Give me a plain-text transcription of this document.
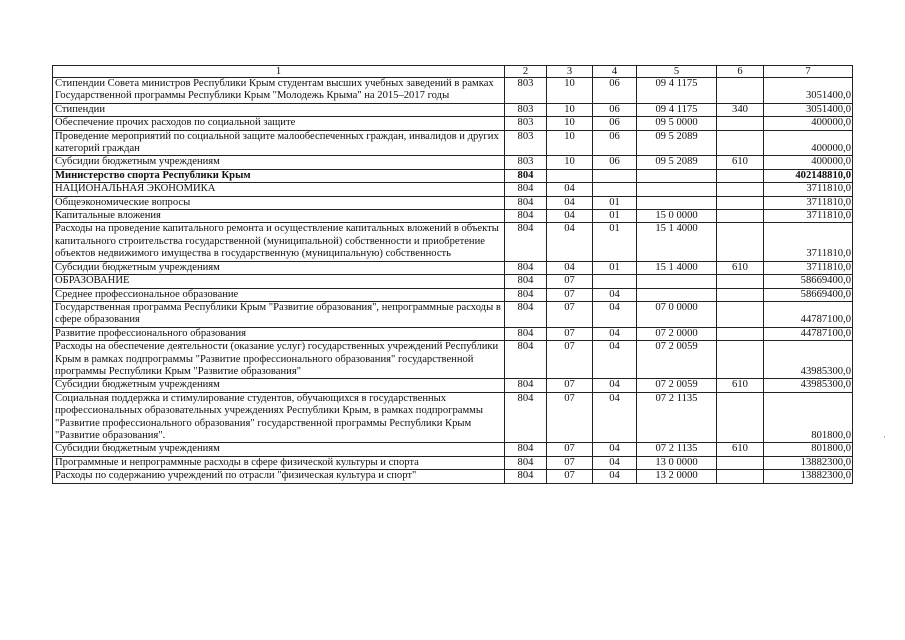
1	2	3	4	5	6	7
Стипендии Совета министров Республики Крым студентам высших учебных заведений в рамках Государственной программы Республики Крым "Молодежь Крыма" на 2015–2017 годы	803	10	06	09 4 1175		3051400,0
Стипендии	803	10	06	09 4 1175	340	3051400,0
Обеспечение прочих расходов по социальной защите	803	10	06	09 5 0000		400000,0
Проведение мероприятий по социальной защите малообеспеченных граждан, инвалидов и других категорий граждан	803	10	06	09 5 2089		400000,0
Субсидии бюджетным учреждениям	803	10	06	09 5 2089	610	400000,0
Министерство спорта Республики Крым	804					402148810,0
НАЦИОНАЛЬНАЯ ЭКОНОМИКА	804	04				3711810,0
Общеэкономические вопросы	804	04	01			3711810,0
Капитальные вложения	804	04	01	15 0 0000		3711810,0
Расходы на проведение капитального ремонта и осуществление капитальных вложений в объекты капитального строительства государственной (муниципальной) собственности и приобретение объектов недвижимого имущества в государственную (муниципальную) собственность	804	04	01	15 1 4000		3711810,0
Субсидии бюджетным учреждениям	804	04	01	15 1 4000	610	3711810,0
ОБРАЗОВАНИЕ	804	07				58669400,0
Среднее профессиональное образование	804	07	04			58669400,0
Государственная программа Республики Крым "Развитие образования", непрограммные расходы в сфере образования	804	07	04	07 0 0000		44787100,0
Развитие профессионального образования	804	07	04	07 2 0000		44787100,0
Расходы на обеспечение деятельности (оказание услуг) государственных учреждений Республики Крым в рамках подпрограммы "Развитие профессионального образования" государственной программы Республики Крым "Развитие образования"	804	07	04	07 2 0059		43985300,0
Субсидии бюджетным учреждениям	804	07	04	07 2 0059	610	43985300,0
Социальная поддержка и стимулирование студентов, обучающихся в государственных профессиональных образовательных учреждениях Республики Крым, в рамках подпрограммы "Развитие профессионального образования" государственной программы Республики Крым "Развитие образования".	804	07	04	07 2 1135		801800,0
Субсидии бюджетным учреждениям	804	07	04	07 2 1135	610	801800,0
Программные и непрограммные расходы в сфере физической культуры и спорта	804	07	04	13 0 0000		13882300,0
Расходы по содержанию учреждений по отрасли "физическая культура и спорт"	804	07	04	13 2 0000		13882300,0
·
